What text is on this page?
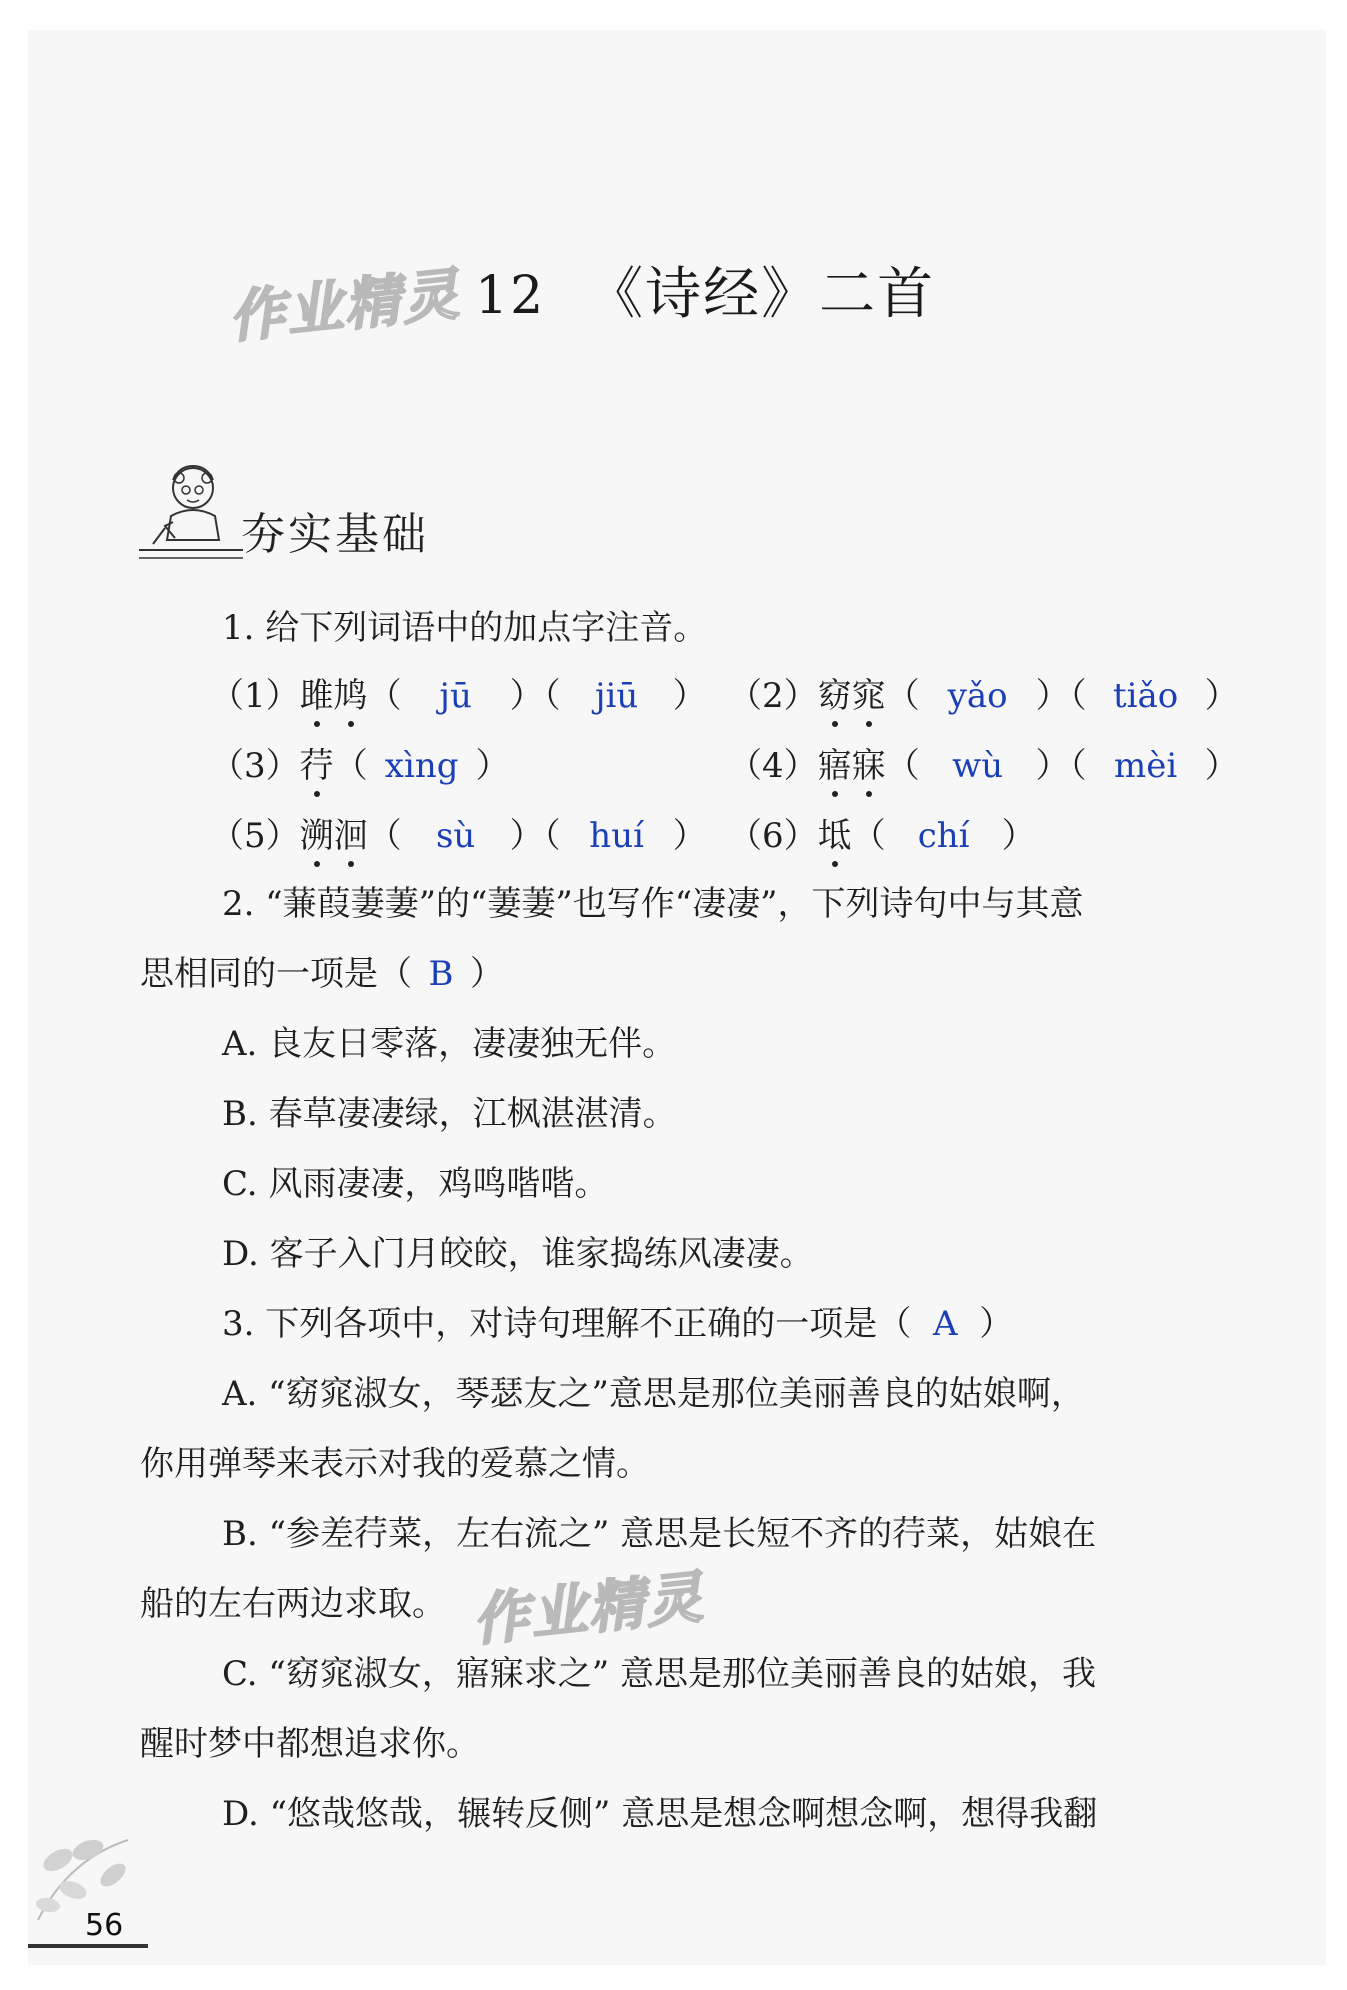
作业精灵 12 《诗经》二首
夯实基础
1. 给下列词语中的加点字注音。
（1）雎鸠（ jū ）（ jiū ） （2）窈窕（ yǎo ）（ tiǎo ）
（3）荇（ xìng ）	（4）寤寐（ wù ）（ mèi ）
（5）溯洄（ sù ）（ huí ） （6）坻（ chí ）
2. “蒹葭萋萋”的“萋萋”也写作“凄凄”，下列诗句中与其意
思相同的一项是（ B ）
A. 良友日零落，凄凄独无伴。
B. 春草凄凄绿，江枫湛湛清。
C. 风雨凄凄，鸡鸣喈喈。
D. 客子入门月皎皎，谁家捣练风凄凄。
3. 下列各项中，对诗句理解不正确的一项是（ A ）
A. “窈窕淑女，琴瑟友之”意思是那位美丽善良的姑娘啊，
你用弹琴来表示对我的爱慕之情。
B. “参差荇菜，左右流之” 意思是长短不齐的荇菜，姑娘在
船的左右两边求取。
C. “窈窕淑女，寤寐求之” 意思是那位美丽善良的姑娘，我
醒时梦中都想追求你。
D. “悠哉悠哉，辗转反侧” 意思是想念啊想念啊，想得我翻
作业精灵
56
